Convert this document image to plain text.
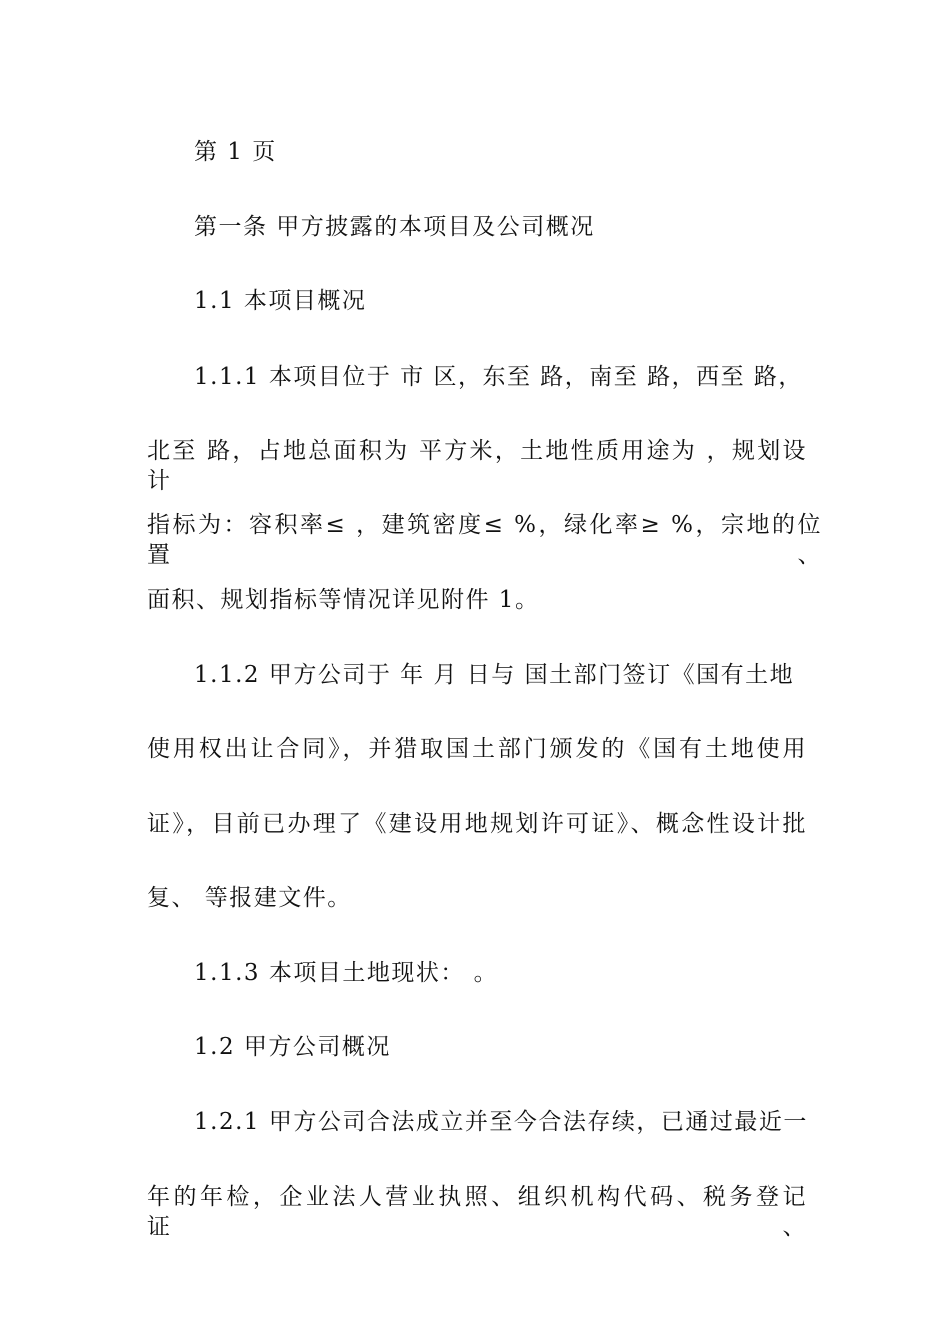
第 1 页
第一条 甲方披露的本项目及公司概况
1.1 本项目概况
1.1.1 本项目位于 市 区，东至 路，南至 路，西至 路，
北至 路，占地总面积为 平方米，土地性质用途为 ，规划设计
指标为：容积率≤ ，建筑密度≤ %，绿化率≥ %，宗地的位置、
面积、规划指标等情况详见附件 1。
1.1.2 甲方公司于 年 月 日与 国土部门签订《国有土地
使用权出让合同》，并猎取国土部门颁发的《国有土地使用
证》，目前已办理了《建设用地规划许可证》、概念性设计批
复、 等报建文件。
1.1.3 本项目土地现状： 。
1.2 甲方公司概况
1.2.1 甲方公司合法成立并至今合法存续，已通过最近一
年的年检，企业法人营业执照、组织机构代码、税务登记证、
